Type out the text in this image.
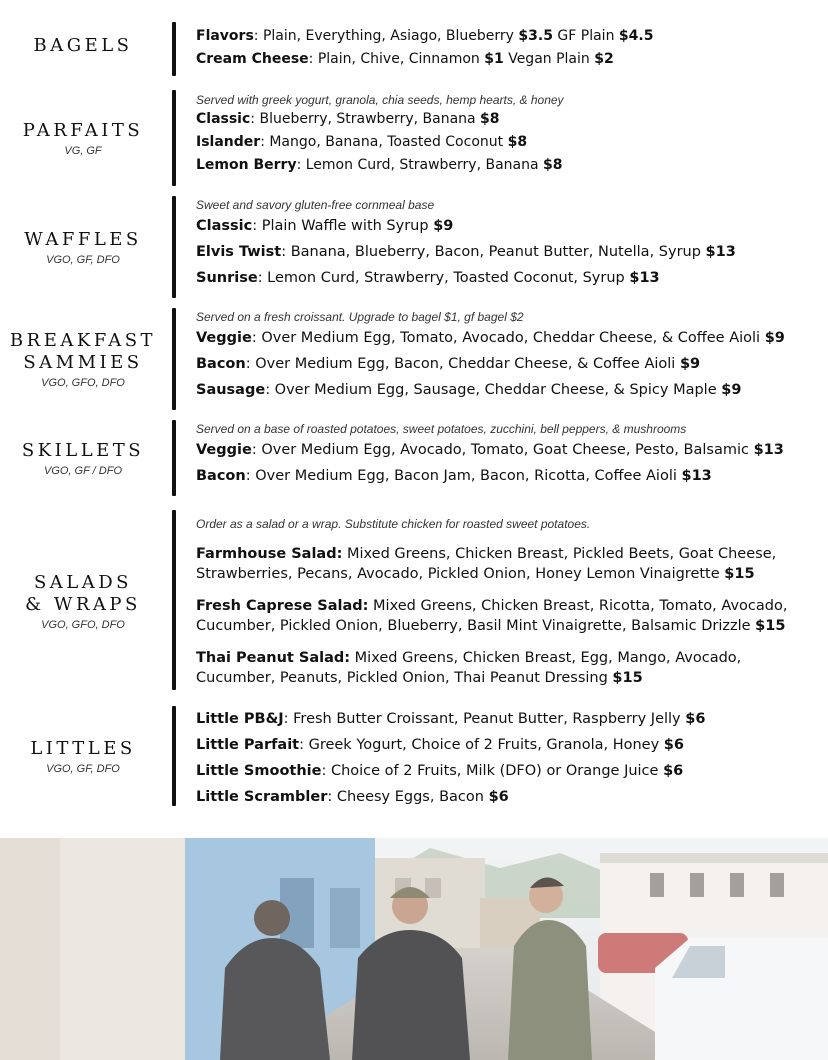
BAGELS	Flavors: Plain, Everything, Asiago, Blueberry $3.5 GF Plain $4.5
Cream Cheese: Plain, Chive, Cinnamon $1 Vegan Plain $2
PARFAITS
VG, GF
Served with greek yogurt, granola, chia seeds, hemp hearts, & honey
Classic: Blueberry, Strawberry, Banana $8
Islander: Mango, Banana, Toasted Coconut $8
Lemon Berry: Lemon Curd, Strawberry, Banana $8
WAFFLES
VGO, GF, DFO
Sweet and savory gluten-free cornmeal base
Classic: Plain Waffle with Syrup $9
Elvis Twist: Banana, Blueberry, Bacon, Peanut Butter, Nutella, Syrup $13
Sunrise: Lemon Curd, Strawberry, Toasted Coconut, Syrup $13
BREAKFAST
SAMMIES
VGO, GFO, DFO
Served on a fresh croissant. Upgrade to bagel $1, gf bagel $2
Veggie: Over Medium Egg, Tomato, Avocado, Cheddar Cheese, & Coffee Aioli $9
Bacon: Over Medium Egg, Bacon, Cheddar Cheese, & Coffee Aioli $9
Sausage: Over Medium Egg, Sausage, Cheddar Cheese, & Spicy Maple $9
SKILLETS
VGO, GF / DFO
Served on a base of roasted potatoes, sweet potatoes, zucchini, bell peppers, & mushrooms
Veggie: Over Medium Egg, Avocado, Tomato, Goat Cheese, Pesto, Balsamic $13
Bacon: Over Medium Egg, Bacon Jam, Bacon, Ricotta, Coffee Aioli $13
SALADS
& WRAPS
VGO, GFO, DFO
Order as a salad or a wrap. Substitute chicken for roasted sweet potatoes.
Farmhouse Salad: Mixed Greens, Chicken Breast, Pickled Beets, Goat Cheese, Strawberries, Pecans, Avocado, Pickled Onion, Honey Lemon Vinaigrette $15
Fresh Caprese Salad: Mixed Greens, Chicken Breast, Ricotta, Tomato, Avocado, Cucumber, Pickled Onion, Blueberry, Basil Mint Vinaigrette, Balsamic Drizzle $15
Thai Peanut Salad: Mixed Greens, Chicken Breast, Egg, Mango, Avocado, Cucumber, Peanuts, Pickled Onion, Thai Peanut Dressing $15
LITTLES
VGO, GF, DFO
Little PB&J: Fresh Butter Croissant, Peanut Butter, Raspberry Jelly $6
Little Parfait: Greek Yogurt, Choice of 2 Fruits, Granola, Honey $6
Little Smoothie: Choice of 2 Fruits, Milk (DFO) or Orange Juice $6
Little Scrambler: Cheesy Eggs, Bacon $6
